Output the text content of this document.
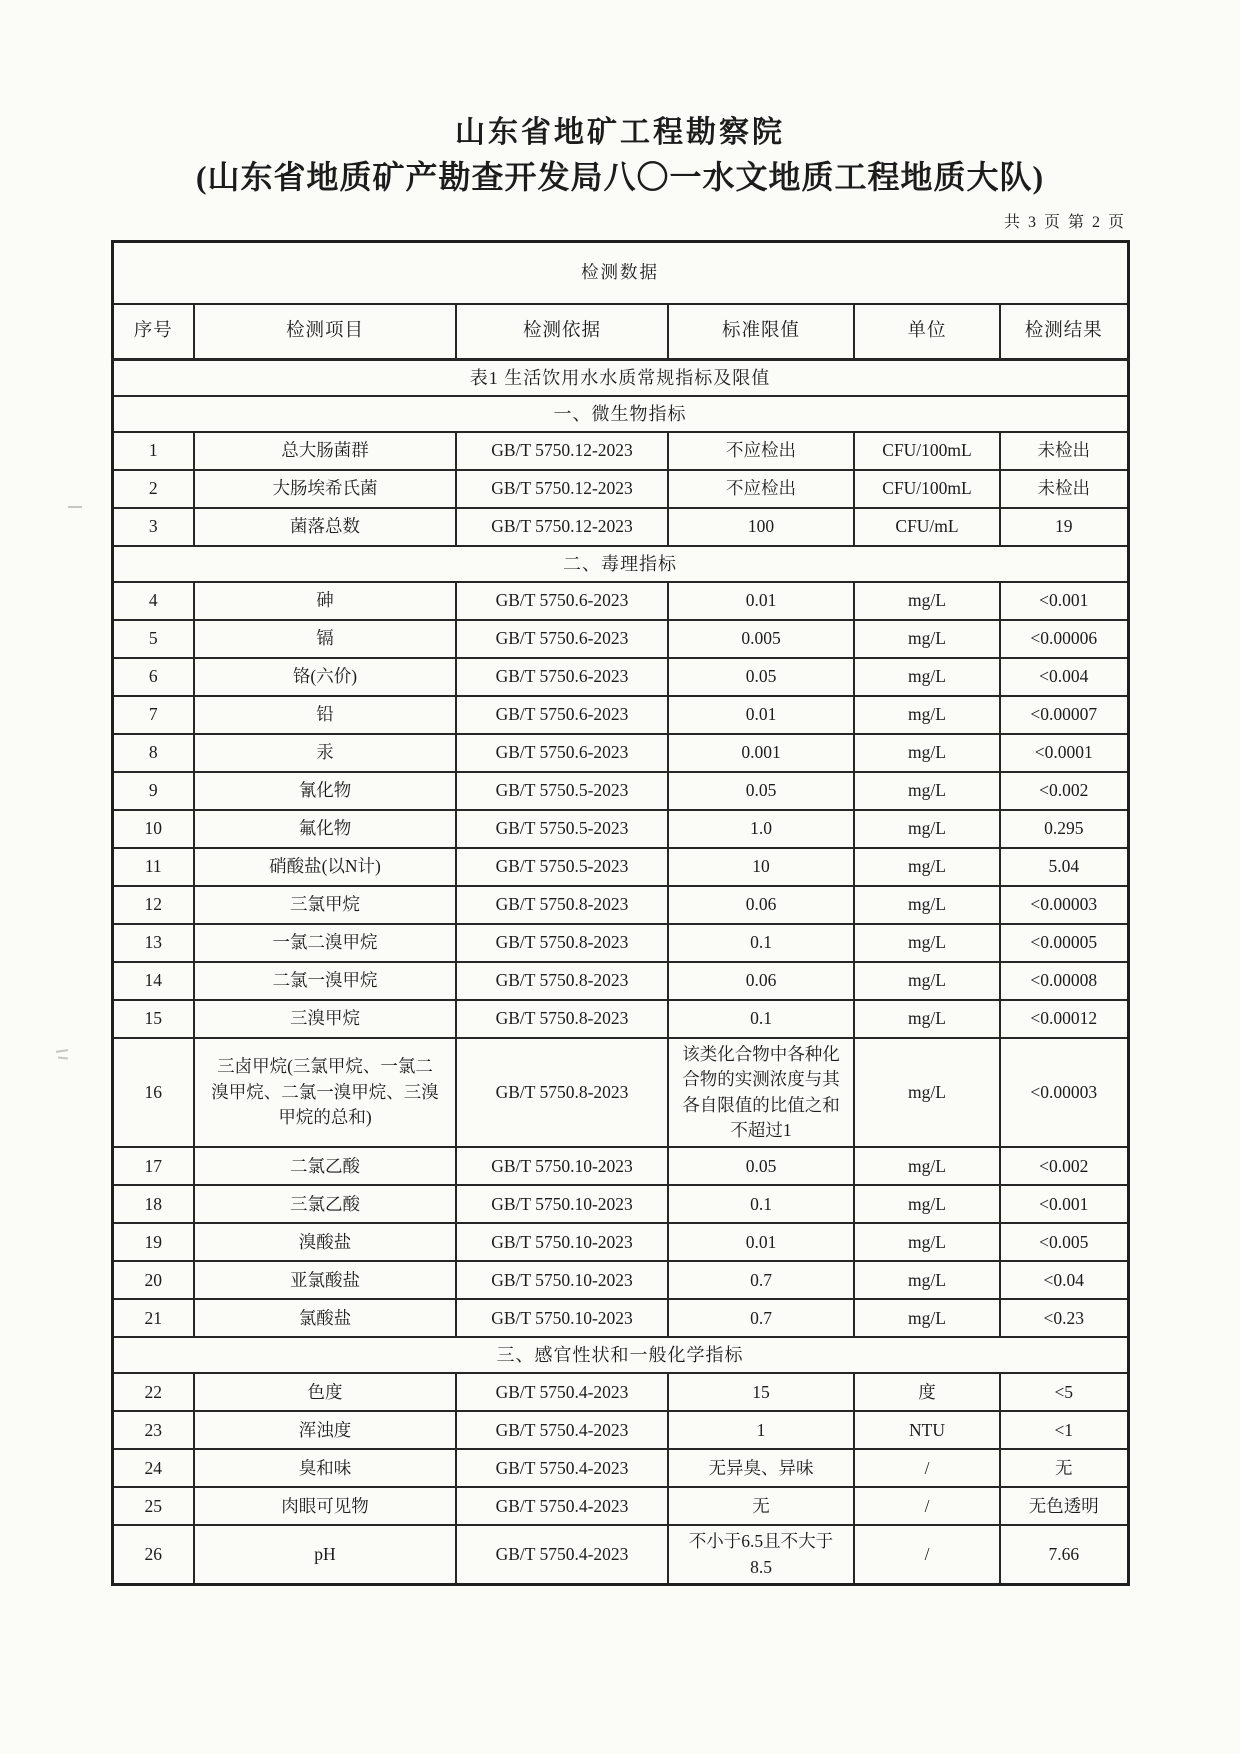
山东省地矿工程勘察院
(山东省地质矿产勘查开发局八〇一水文地质工程地质大队)
共 3 页 第 2 页
检测数据					
序号	检测项目	检测依据	标准限值	单位	检测结果
表1 生活饮用水水质常规指标及限值					
一、微生物指标					
1	总大肠菌群	GB/T 5750.12-2023	不应检出	CFU/100mL	未检出
2	大肠埃希氏菌	GB/T 5750.12-2023	不应检出	CFU/100mL	未检出
3	菌落总数	GB/T 5750.12-2023	100	CFU/mL	19
二、毒理指标					
4	砷	GB/T 5750.6-2023	0.01	mg/L	<0.001
5	镉	GB/T 5750.6-2023	0.005	mg/L	<0.00006
6	铬(六价)	GB/T 5750.6-2023	0.05	mg/L	<0.004
7	铅	GB/T 5750.6-2023	0.01	mg/L	<0.00007
8	汞	GB/T 5750.6-2023	0.001	mg/L	<0.0001
9	氰化物	GB/T 5750.5-2023	0.05	mg/L	<0.002
10	氟化物	GB/T 5750.5-2023	1.0	mg/L	0.295
11	硝酸盐(以N计)	GB/T 5750.5-2023	10	mg/L	5.04
12	三氯甲烷	GB/T 5750.8-2023	0.06	mg/L	<0.00003
13	一氯二溴甲烷	GB/T 5750.8-2023	0.1	mg/L	<0.00005
14	二氯一溴甲烷	GB/T 5750.8-2023	0.06	mg/L	<0.00008
15	三溴甲烷	GB/T 5750.8-2023	0.1	mg/L	<0.00012
16	三卤甲烷(三氯甲烷、一氯二溴甲烷、二氯一溴甲烷、三溴甲烷的总和)	GB/T 5750.8-2023	该类化合物中各种化合物的实测浓度与其各自限值的比值之和不超过1	mg/L	<0.00003
17	二氯乙酸	GB/T 5750.10-2023	0.05	mg/L	<0.002
18	三氯乙酸	GB/T 5750.10-2023	0.1	mg/L	<0.001
19	溴酸盐	GB/T 5750.10-2023	0.01	mg/L	<0.005
20	亚氯酸盐	GB/T 5750.10-2023	0.7	mg/L	<0.04
21	氯酸盐	GB/T 5750.10-2023	0.7	mg/L	<0.23
三、感官性状和一般化学指标					
22	色度	GB/T 5750.4-2023	15	度	<5
23	浑浊度	GB/T 5750.4-2023	1	NTU	<1
24	臭和味	GB/T 5750.4-2023	无异臭、异味	/	无
25	肉眼可见物	GB/T 5750.4-2023	无	/	无色透明
26	pH	GB/T 5750.4-2023	不小于6.5且不大于8.5	/	7.66
